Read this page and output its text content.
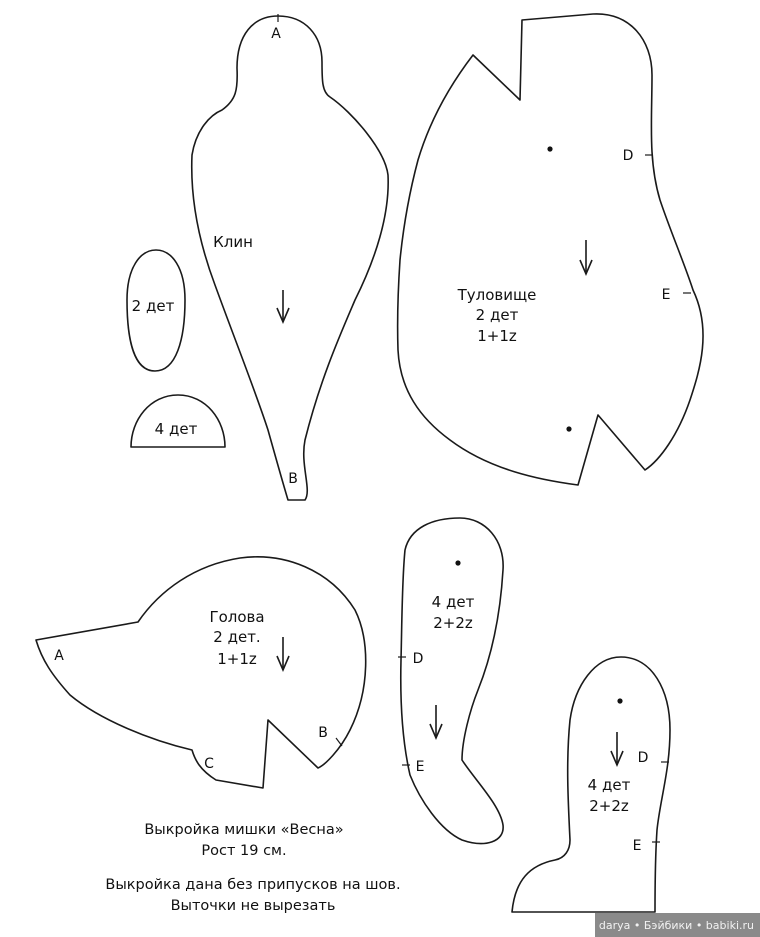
A
Клин
B
2 дет
4 дет
D
E
Туловище
2 дет
1+1z
A
B
C
Голова
2 дет.
1+1z	D
E
4 дет
2+2z
D
E
4 дет
2+2z
Выкройка мишки «Весна»
Рост 19 см.
Выкройка дана без припусков на шов.
Выточки не вырезать
darya • Бэйбики • babiki.ru
